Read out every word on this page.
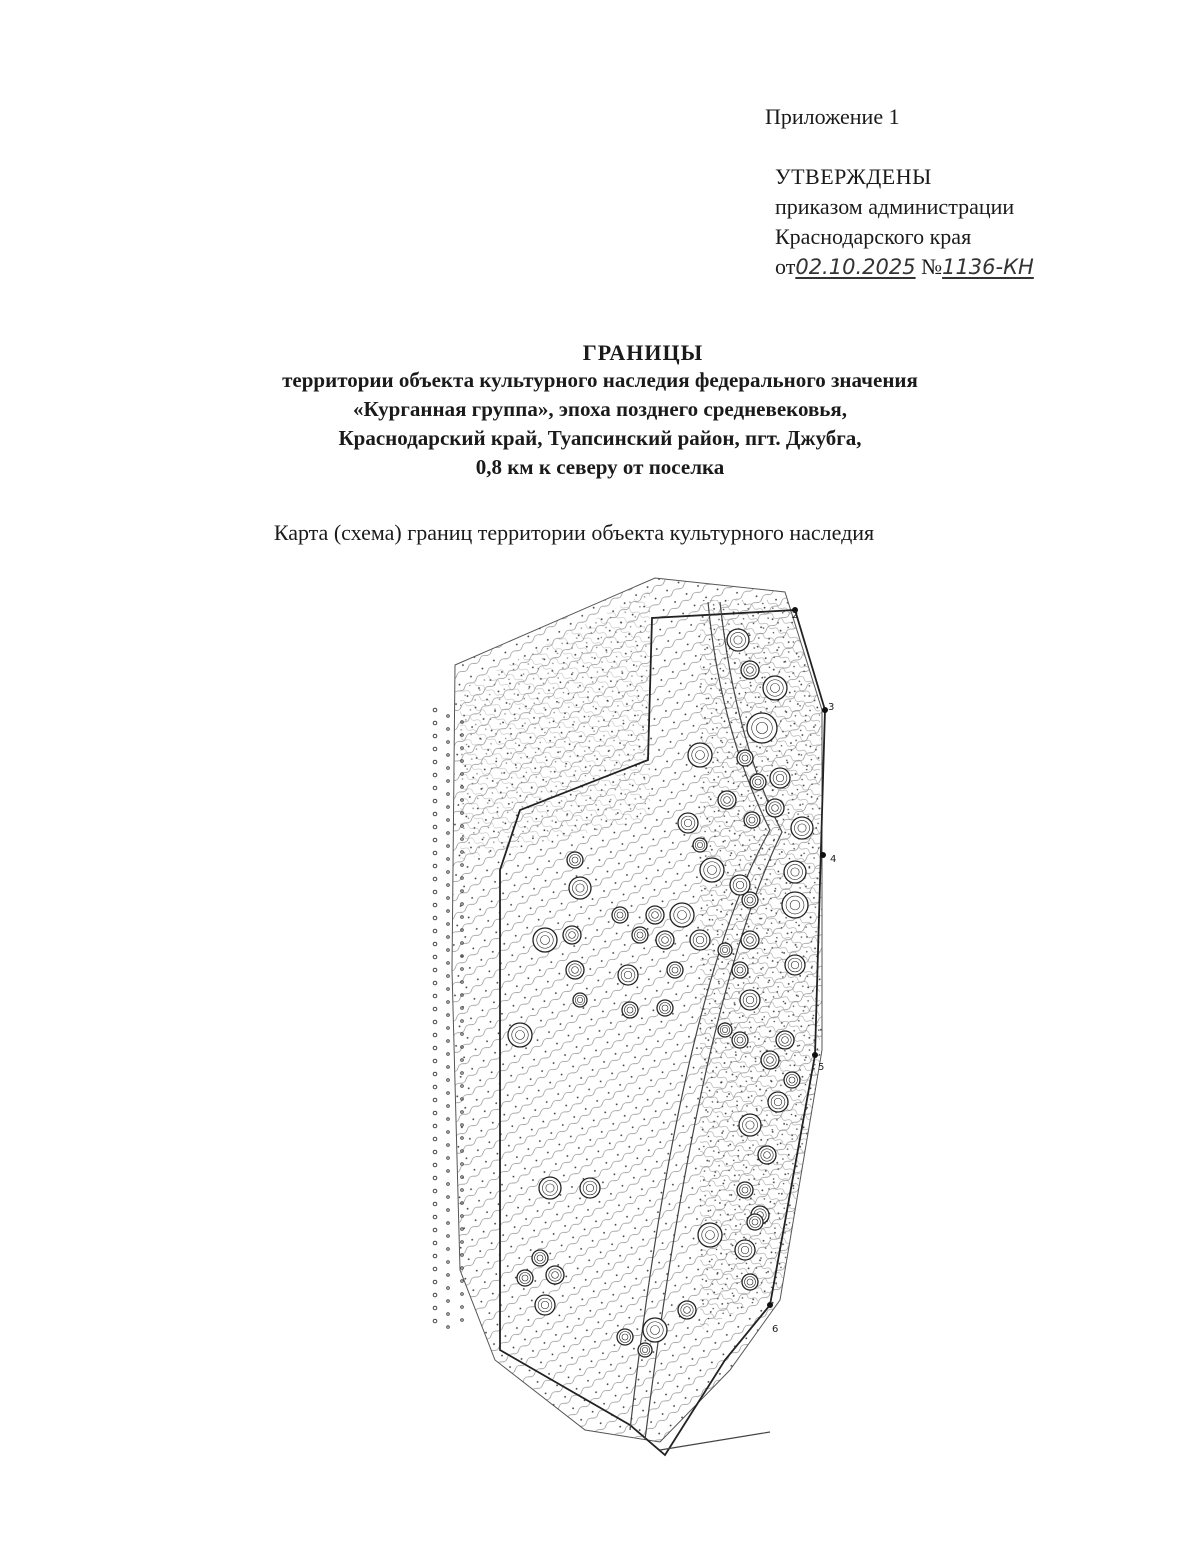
Приложение 1
УТВЕРЖДЕНЫ
приказом администрации
Краснодарского края
от02.10.2025 №1136-КН
ГРАНИЦЫ
территории объекта культурного наследия федерального значения
«Курганная группа», эпоха позднего средневековья,
Краснодарский край, Туапсинский район, пгт. Джубга,
0,8 км к северу от поселка
Карта (схема) границ территории объекта культурного наследия
2
3
4
5
6
